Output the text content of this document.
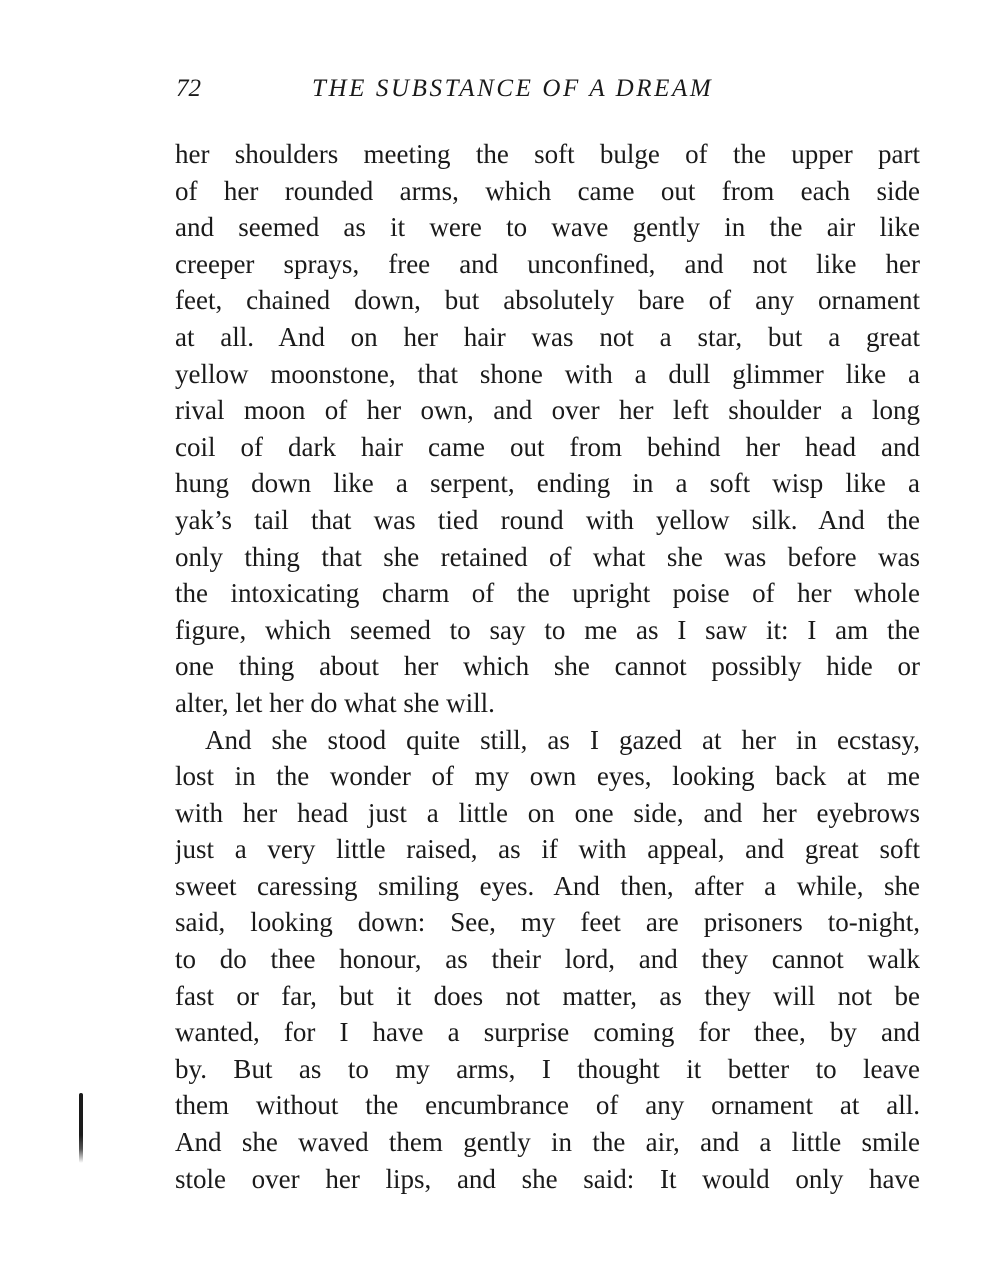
72	THE SUBSTANCE OF A DREAM
her shoulders meeting the soft bulge of the upper part
of her rounded arms, which came out from each side
and seemed as it were to wave gently in the air like
creeper sprays, free and unconfined, and not like her
feet, chained down, but absolutely bare of any ornament
at all. And on her hair was not a star, but a great
yellow moonstone, that shone with a dull glimmer like a
rival moon of her own, and over her left shoulder a long
coil of dark hair came out from behind her head and
hung down like a serpent, ending in a soft wisp like a
yak’s tail that was tied round with yellow silk. And the
only thing that she retained of what she was before was
the intoxicating charm of the upright poise of her whole
figure, which seemed to say to me as I saw it: I am the
one thing about her which she cannot possibly hide or
alter, let her do what she will.
And she stood quite still, as I gazed at her in ecstasy,
lost in the wonder of my own eyes, looking back at me
with her head just a little on one side, and her eyebrows
just a very little raised, as if with appeal, and great soft
sweet caressing smiling eyes. And then, after a while, she
said, looking down: See, my feet are prisoners to-night,
to do thee honour, as their lord, and they cannot walk
fast or far, but it does not matter, as they will not be
wanted, for I have a surprise coming for thee, by and
by. But as to my arms, I thought it better to leave
them without the encumbrance of any ornament at all.
And she waved them gently in the air, and a little smile
stole over her lips, and she said: It would only have
